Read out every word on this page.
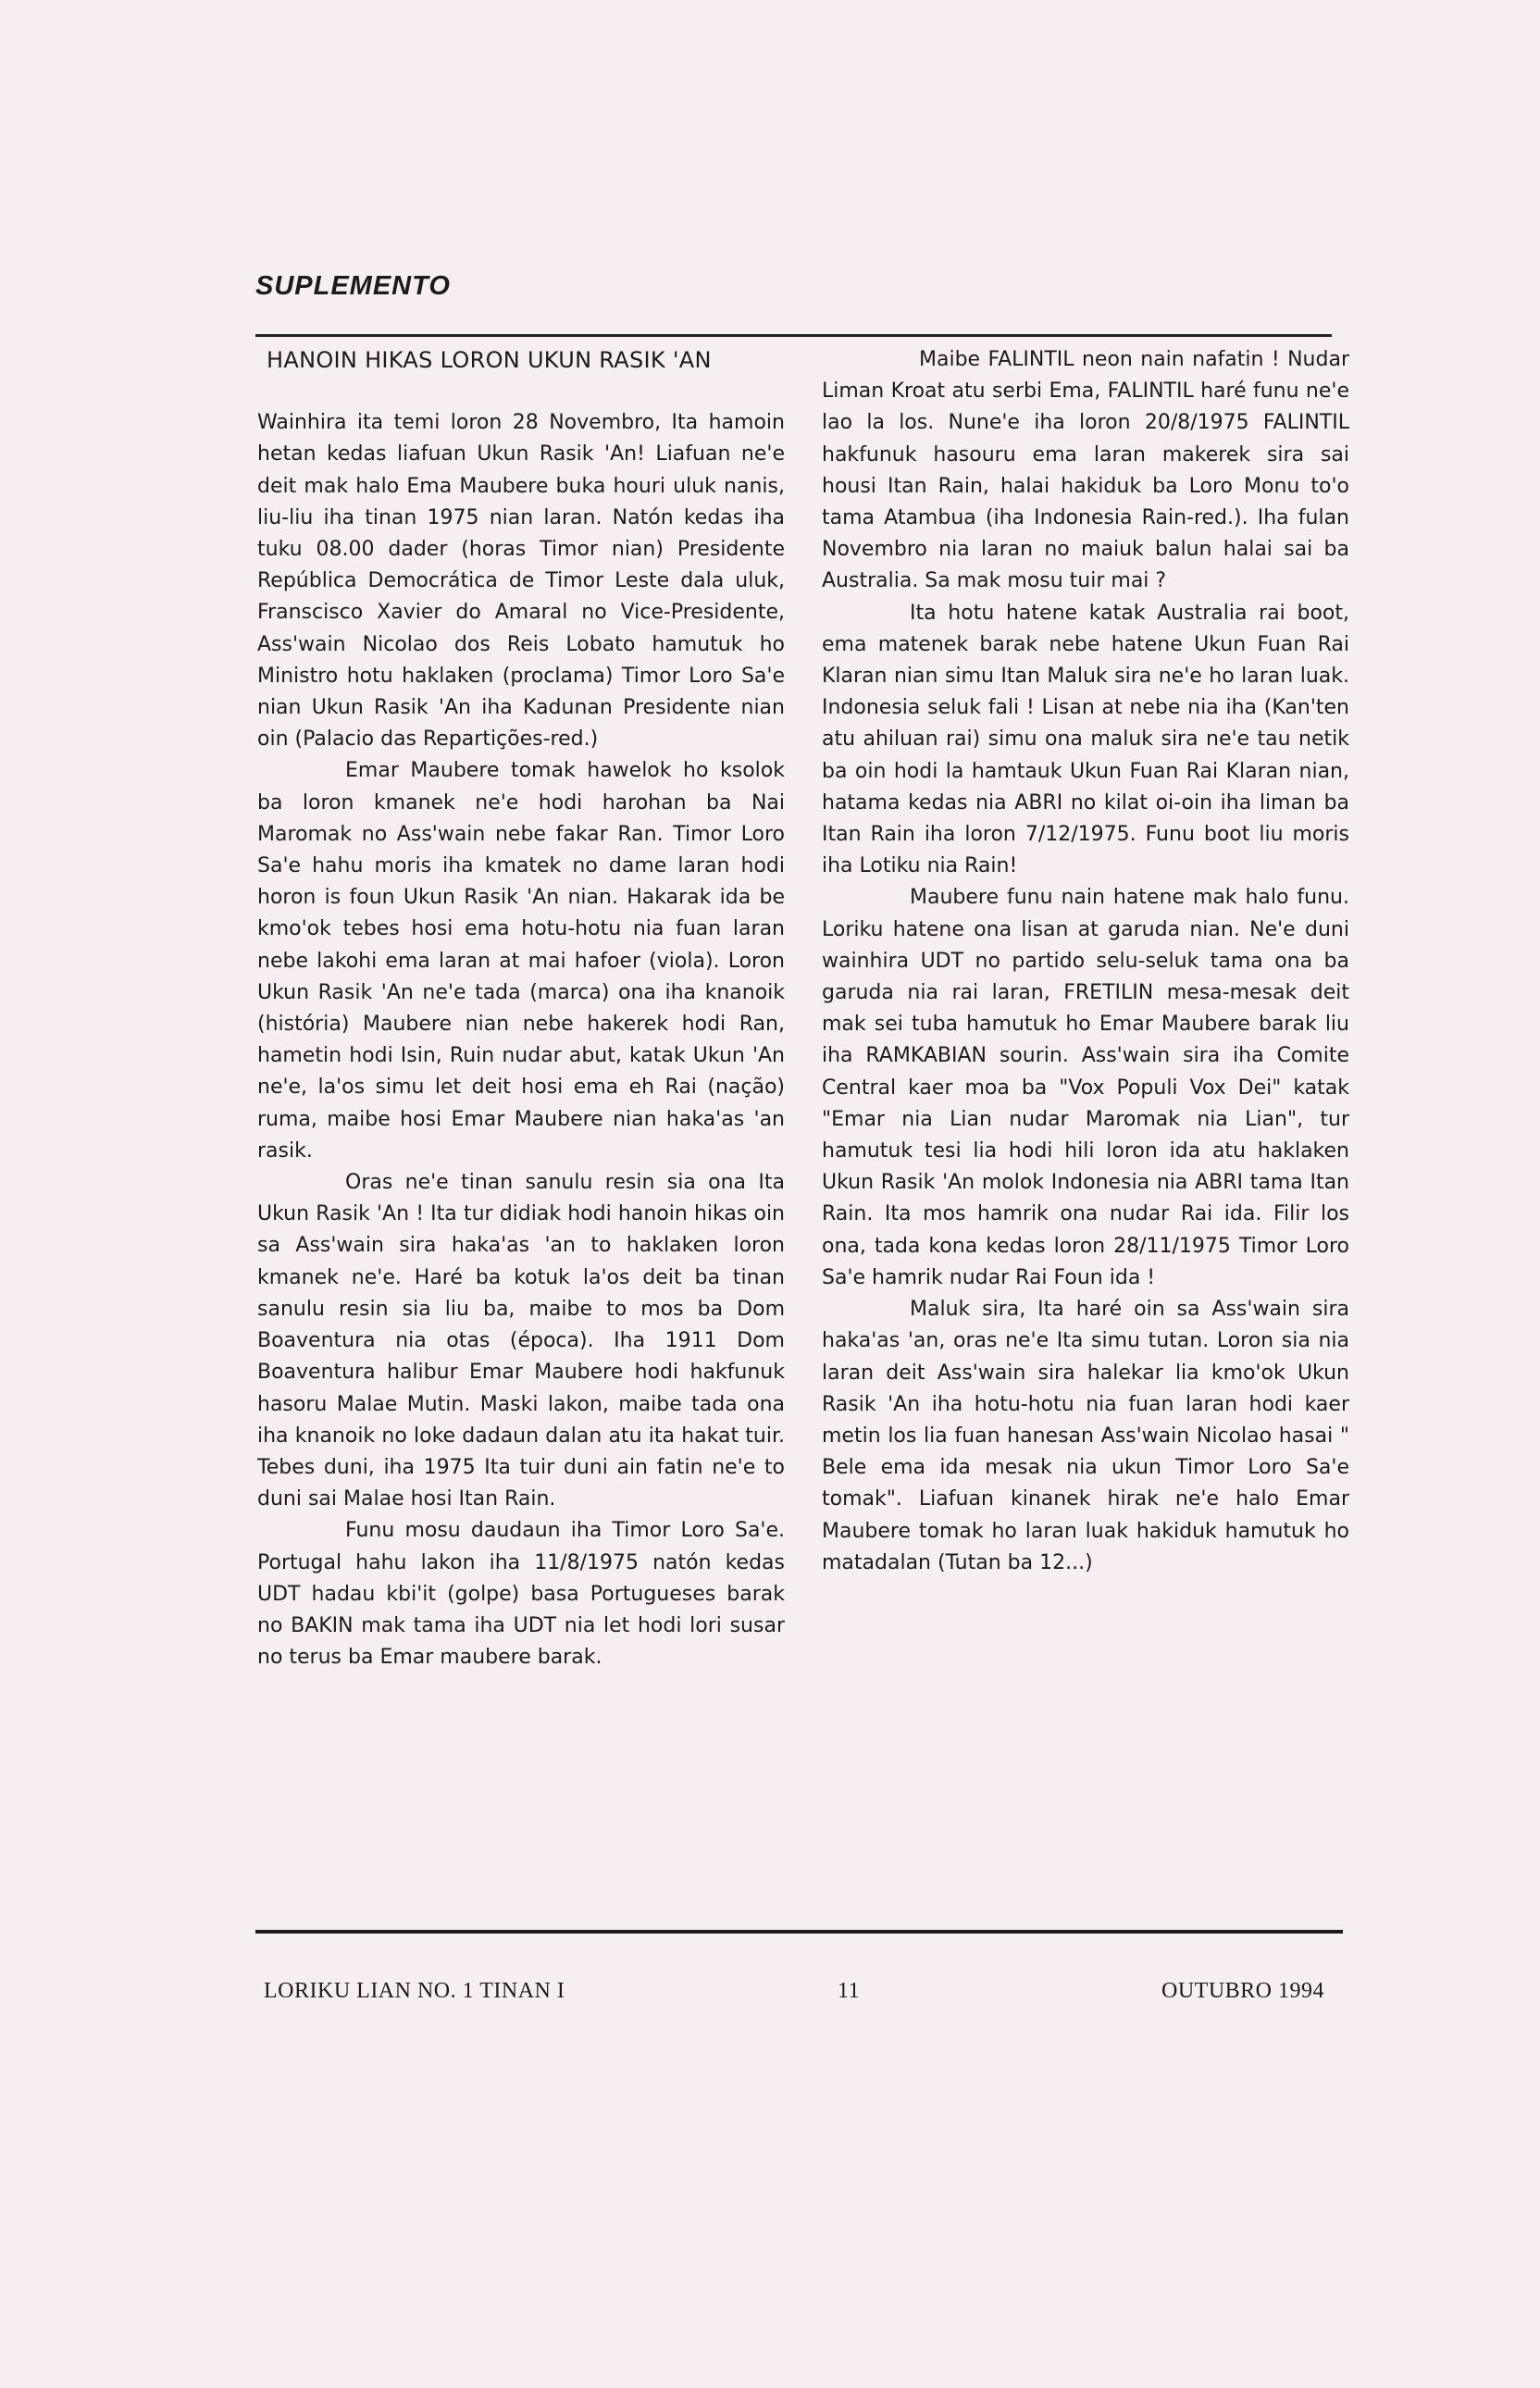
SUPLEMENTO

HANOIN HIKAS LORON UKUN RASIK 'AN

Wainhira ita temi loron 28 Novembro, Ita hamoin hetan kedas liafuan Ukun Rasik 'An! Liafuan ne'e deit mak halo Ema Maubere buka houri uluk nanis, liu-liu iha tinan 1975 nian laran. Natón kedas iha tuku 08.00 dader (horas Timor nian) Presidente República Democrática de Timor Leste dala uluk, Franscisco Xavier do Amaral no Vice-Presidente, Ass'wain Nicolao dos Reis Lobato hamutuk ho Ministro hotu haklaken (proclama) Timor Loro Sa'e nian Ukun Rasik 'An iha Kadunan Presidente nian oin (Palacio das Repartições-red.)

Emar Maubere tomak hawelok ho ksolok ba loron kmanek ne'e hodi harohan ba Nai Maromak no Ass'wain nebe fakar Ran. Timor Loro Sa'e hahu moris iha kmatek no dame laran hodi horon is foun Ukun Rasik 'An nian. Hakarak ida be kmo'ok tebes hosi ema hotu-hotu nia fuan laran nebe lakohi ema laran at mai hafoer (viola). Loron Ukun Rasik 'An ne'e tada (marca) ona iha knanoik (história) Maubere nian nebe hakerek hodi Ran, hametin hodi Isin, Ruin nudar abut, katak Ukun 'An ne'e, la'os simu let deit hosi ema eh Rai (nação) ruma, maibe hosi Emar Maubere nian haka'as 'an rasik.

Oras ne'e tinan sanulu resin sia ona Ita Ukun Rasik 'An ! Ita tur didiak hodi hanoin hikas oin sa Ass'wain sira haka'as 'an to haklaken loron kmanek ne'e. Haré ba kotuk la'os deit ba tinan sanulu resin sia liu ba, maibe to mos ba Dom Boaventura nia otas (época). Iha 1911 Dom Boaventura halibur Emar Maubere hodi hakfunuk hasoru Malae Mutin. Maski lakon, maibe tada ona iha knanoik no loke dadaun dalan atu ita hakat tuir. Tebes duni, iha 1975 Ita tuir duni ain fatin ne'e to duni sai Malae hosi Itan Rain.

Funu mosu daudaun iha Timor Loro Sa'e. Portugal hahu lakon iha 11/8/1975 natón kedas UDT hadau kbi'it (golpe) basa Portugueses barak no BAKIN mak tama iha UDT nia let hodi lori susar no terus ba Emar maubere barak.

Maibe FALINTIL neon nain nafatin ! Nudar Liman Kroat atu serbi Ema, FALINTIL haré funu ne'e lao la los. Nune'e iha loron 20/8/1975 FALINTIL hakfunuk hasouru ema laran makerek sira sai housi Itan Rain, halai hakiduk ba Loro Monu to'o tama Atambua (iha Indonesia Rain-red.). Iha fulan Novembro nia laran no maiuk balun halai sai ba Australia. Sa mak mosu tuir mai ?

Ita hotu hatene katak Australia rai boot, ema matenek barak nebe hatene Ukun Fuan Rai Klaran nian simu Itan Maluk sira ne'e ho laran luak. Indonesia seluk fali ! Lisan at nebe nia iha (Kan'ten atu ahiluan rai) simu ona maluk sira ne'e tau netik ba oin hodi la hamtauk Ukun Fuan Rai Klaran nian, hatama kedas nia ABRI no kilat oi-oin iha liman ba Itan Rain iha loron 7/12/1975. Funu boot liu moris iha Lotiku nia Rain!

Maubere funu nain hatene mak halo funu. Loriku hatene ona lisan at garuda nian. Ne'e duni wainhira UDT no partido selu-seluk tama ona ba garuda nia rai laran, FRETILIN mesa-mesak deit mak sei tuba hamutuk ho Emar Maubere barak liu iha RAMKABIAN sourin. Ass'wain sira iha Comite Central kaer moa ba "Vox Populi Vox Dei" katak "Emar nia Lian nudar Maromak nia Lian", tur hamutuk tesi lia hodi hili loron ida atu haklaken Ukun Rasik 'An molok Indonesia nia ABRI tama Itan Rain. Ita mos hamrik ona nudar Rai ida. Filir los ona, tada kona kedas loron 28/11/1975 Timor Loro Sa'e hamrik nudar Rai Foun ida !

Maluk sira, Ita haré oin sa Ass'wain sira haka'as 'an, oras ne'e Ita simu tutan. Loron sia nia laran deit Ass'wain sira halekar lia kmo'ok Ukun Rasik 'An iha hotu-hotu nia fuan laran hodi kaer metin los lia fuan hanesan Ass'wain Nicolao hasai " Bele ema ida mesak nia ukun Timor Loro Sa'e tomak". Liafuan kinanek hirak ne'e halo Emar Maubere tomak ho laran luak hakiduk hamutuk ho matadalan (Tutan ba 12...)

LORIKU LIAN NO. 1 TINAN I	11	OUTUBRO 1994
